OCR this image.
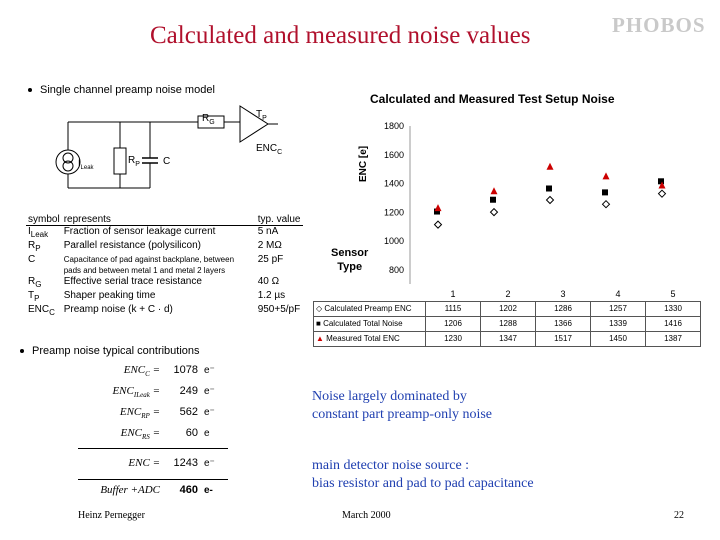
Calculated and measured noise values	PHOBOS
Single channel preamp noise model
$R_G$
$T_P$
$ENC_C$
$I_{Leak}$
$R_P$ C
symbol	represents	typ. value
$I_{Leak}$	Fraction of sensor leakage current	5 nA
$R_P$	Parallel resistance (polysilicon)	2 MΩ
C	Capacitance of pad against backplane, between
pads and between metal 1 and metal 2 layers	25 pF
$R_G$	Effective serial trace resistance	40 Ω
$T_P$	Shaper peaking time	1.2 µs
$ENC_C$	Preamp noise (k + C · d)	950+5/pF
Preamp noise typical contributions
$ENC_C$ =	1078 e⁻
$ENC_{ILeak}$ =	249 e⁻
$ENC_{RP}$ =	562 e⁻
$ENC_{RS}$ =	60 e
ENC =	1243 e⁻
Buffer +ADC	460 e-
Calculated and Measured Test Setup Noise
800
1000
1200
1400
1600
1800
ENC [e]
Sensor
Type
	1	2	3	4	5
◇ Calculated Preamp ENC	1115	1202	1286	1257	1330
■ Calculated Total Noise	1206	1288	1366	1339	1416
▲ Measured Total ENC	1230	1347	1517	1450	1387
Noise largely dominated by
constant part preamp-only noise
main detector noise source :
bias resistor and pad to pad capacitance
Heinz Pernegger	March 2000	22
